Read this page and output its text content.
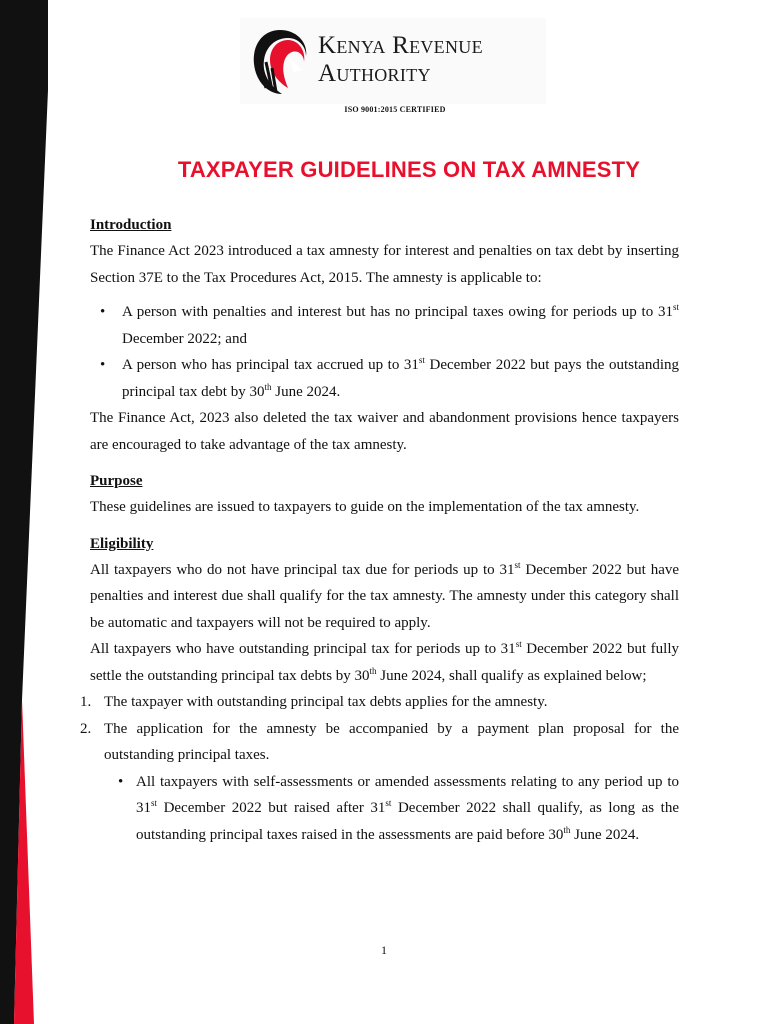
Kenya Revenue
Authority
ISO 9001:2015 CERTIFIED
TAXPAYER GUIDELINES ON TAX AMNESTY

Introduction

The Finance Act 2023 introduced a tax amnesty for interest and penalties on tax debt by inserting Section 37E to the Tax Procedures Act, 2015. The amnesty is applicable to:

• A person with penalties and interest but has no principal taxes owing for periods up to 31st December 2022; and
• A person who has principal tax accrued up to 31st December 2022 but pays the outstanding principal tax debt by 30th June 2024.

The Finance Act, 2023 also deleted the tax waiver and abandonment provisions hence taxpayers are encouraged to take advantage of the tax amnesty.

Purpose

These guidelines are issued to taxpayers to guide on the implementation of the tax amnesty.

Eligibility

All taxpayers who do not have principal tax due for periods up to 31st December 2022 but have penalties and interest due shall qualify for the tax amnesty. The amnesty under this category shall be automatic and taxpayers will not be required to apply.

All taxpayers who have outstanding principal tax for periods up to 31st December 2022 but fully settle the outstanding principal tax debts by 30th June 2024, shall qualify as explained below;

1. The taxpayer with outstanding principal tax debts applies for the amnesty.
2. The application for the amnesty be accompanied by a payment plan proposal for the outstanding principal taxes.
• All taxpayers with self-assessments or amended assessments relating to any period up to 31st December 2022 but raised after 31st December 2022 shall qualify, as long as the outstanding principal taxes raised in the assessments are paid before 30th June 2024.
1
